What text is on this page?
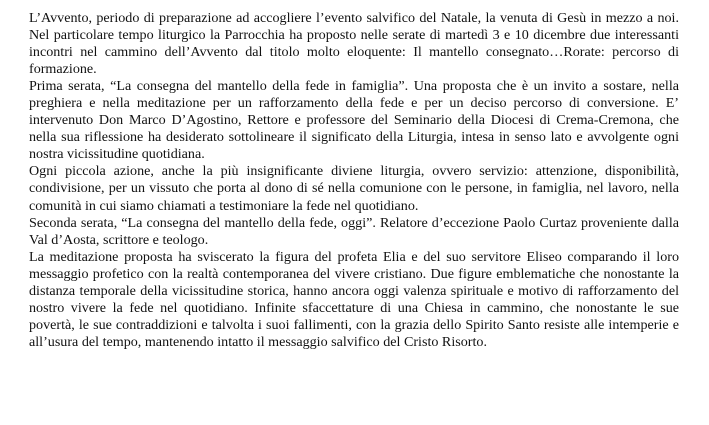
L’Avvento, periodo di preparazione ad accogliere l’evento salvifico del Natale, la venuta di Gesù in mezzo a noi. Nel particolare tempo liturgico la Parrocchia ha proposto nelle serate di martedì 3 e 10 dicembre due interessanti incontri nel cammino dell’Avvento dal titolo molto eloquente: Il mantello consegnato…Rorate: percorso di formazione.

Prima serata, “La consegna del mantello della fede in famiglia”. Una proposta che è un invito a sostare, nella preghiera e nella meditazione per un rafforzamento della fede e per un deciso percorso di conversione. E’ intervenuto Don Marco D’Agostino, Rettore e professore del Seminario della Diocesi di Crema-Cremona, che nella sua riflessione ha desiderato sottolineare il significato della Liturgia, intesa in senso lato e avvolgente ogni nostra vicissitudine quotidiana.

Ogni piccola azione, anche la più insignificante diviene liturgia, ovvero servizio: attenzione, disponibilità, condivisione, per un vissuto che porta al dono di sé nella comunione con le persone, in famiglia, nel lavoro, nella comunità in cui siamo chiamati a testimoniare la fede nel quotidiano.

Seconda serata, “La consegna del mantello della fede, oggi”. Relatore d’eccezione Paolo Curtaz proveniente dalla Val d’Aosta, scrittore e teologo.

La meditazione proposta ha sviscerato la figura del profeta Elia e del suo servitore Eliseo comparando il loro messaggio profetico con la realtà contemporanea del vivere cristiano. Due figure emblematiche che nonostante la distanza temporale della vicissitudine storica, hanno ancora oggi valenza spirituale e motivo di rafforzamento del nostro vivere la fede nel quotidiano. Infinite sfaccettature di una Chiesa in cammino, che nonostante le sue povertà, le sue contraddizioni e talvolta i suoi fallimenti, con la grazia dello Spirito Santo resiste alle intemperie e all’usura del tempo, mantenendo intatto il messaggio salvifico del Cristo Risorto.
